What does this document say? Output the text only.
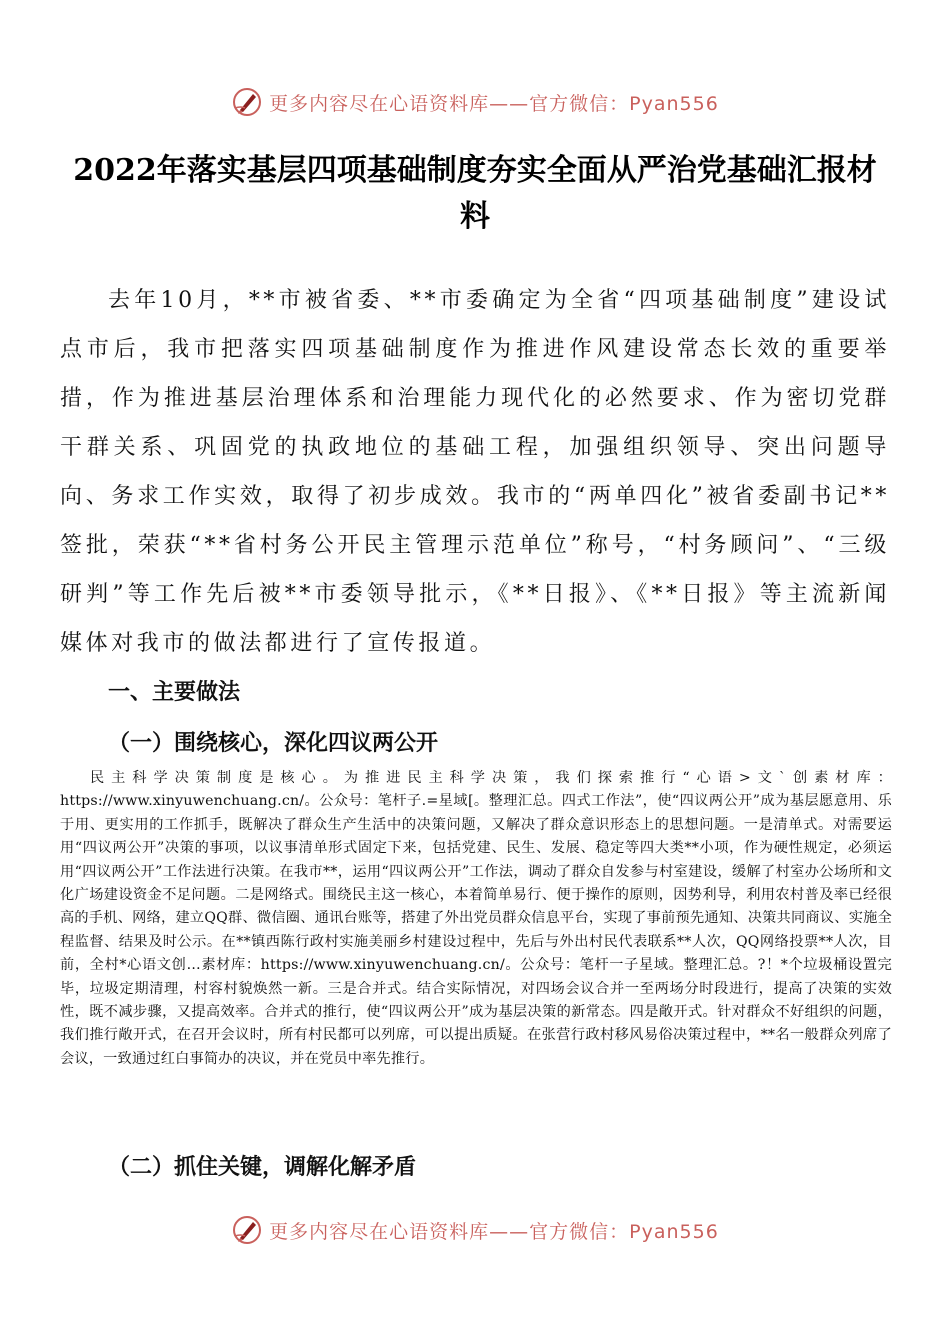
更多内容尽在心语资料库——官方微信：Pyan556
2022年落实基层四项基础制度夯实全面从严治党基础汇报材料

去年10月，**市被省委、**市委确定为全省“四项基础制度”建设试点市后，我市把落实四项基础制度作为推进作风建设常态长效的重要举措，作为推进基层治理体系和治理能力现代化的必然要求、作为密切党群干群关系、巩固党的执政地位的基础工程，加强组织领导、突出问题导向、务求工作实效，取得了初步成效。我市的“两单四化”被省委副书记**签批，荣获“**省村务公开民主管理示范单位”称号，“村务顾问”、“三级研判”等工作先后被**市委领导批示，《**日报》、《**日报》等主流新闻媒体对我市的做法都进行了宣传报道。

一、主要做法

（一）围绕核心，深化四议两公开

民主科学决策制度是核心。为推进民主科学决策，我们探索推行“心语>文`创素材库：https://www.xinyuwenchuang.cn/。公众号：笔杆子.=星域[。整理汇总。四式工作法”，使“四议两公开”成为基层愿意用、乐于用、更实用的工作抓手，既解决了群众生产生活中的决策问题，又解决了群众意识形态上的思想问题。一是清单式。对需要运用“四议两公开”决策的事项，以议事清单形式固定下来，包括党建、民生、发展、稳定等四大类**小项，作为硬性规定，必须运用“四议两公开”工作法进行决策。在我市**，运用“四议两公开”工作法，调动了群众自发参与村室建设，缓解了村室办公场所和文化广场建设资金不足问题。二是网络式。围绕民主这一核心，本着简单易行、便于操作的原则，因势利导，利用农村普及率已经很高的手机、网络，建立QQ群、微信圈、通讯台账等，搭建了外出党员群众信息平台，实现了事前预先通知、决策共同商议、实施全程监督、结果及时公示。在**镇西陈行政村实施美丽乡村建设过程中，先后与外出村民代表联系**人次，QQ网络投票**人次，目前，全村*心语文创…素材库：https://www.xinyuwenchuang.cn/。公众号：笔杆一子星域。整理汇总。?！*个垃圾桶设置完毕，垃圾定期清理，村容村貌焕然一新。三是合并式。结合实际情况，对四场会议合并一至两场分时段进行，提高了决策的实效性，既不减步骤，又提高效率。合并式的推行，使“四议两公开”成为基层决策的新常态。四是敞开式。针对群众不好组织的问题，我们推行敞开式，在召开会议时，所有村民都可以列席，可以提出质疑。在张营行政村移风易俗决策过程中，**名一般群众列席了会议，一致通过红白事简办的决议，并在党员中率先推行。

（二）抓住关键，调解化解矛盾

更多内容尽在心语资料库——官方微信：Pyan556
